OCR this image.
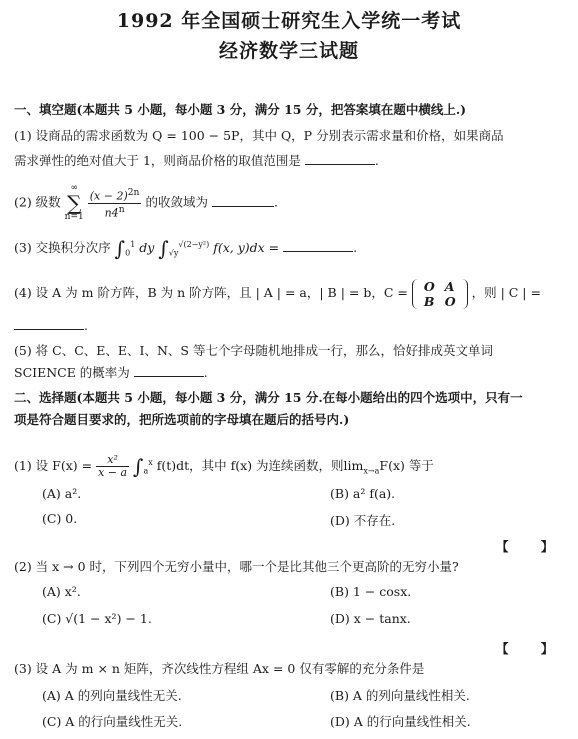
1992 年全国硕士研究生入学统一考试
经济数学三试题
一、填空题(本题共 5 小题，每小题 3 分，满分 15 分，把答案填在题中横线上.)
(1) 设商品的需求函数为 Q = 100 − 5P，其中 Q，P 分别表示需求量和价格，如果商品
需求弹性的绝对值大于 1，则商品价格的取值范围是	.
(2) 级数 ∞
∑
$n=1 \frac{(x - 2)^{2n}}{n4^n}$ 的收敛域为	.
(3) 交换积分次序 $\int_0^1$ dy $\int_{√y}^{√(2-y^2)}$ f(x, y)dx =	.
(4) 设 A 为 m 阶方阵，B 为 n 阶方阵，且 | A | = a，| B | = b，C = O	A
B	O ，则 | C | =
.
(5) 将 C、C、E、E、I、N、S 等七个字母随机地排成一行，那么，恰好排成英文单词
SCIENCE 的概率为	.
二、选择题(本题共 5 小题，每小题 3 分，满分 15 分.在每小题给出的四个选项中，只有一
项是符合题目要求的，把所选项前的字母填在题后的括号内.)
(1) 设 $F(x) = \frac{\text{x²}}{x - a} \int_a^x$ f(t)dt，其中 f(x) 为连续函数，则$\lim_{x\to a}F(x)$ 等于
(A) a².	(B) a² f(a).
(C) 0.	(D) 不存在.
【 】
(2) 当 x → 0 时，下列四个无穷小量中，哪一个是比其他三个更高阶的无穷小量?
(A) x².	(B) 1 − cosx.
(C) √(1 − x²) − 1.	(D) x − tanx.
【 】
(3) 设 A 为 m × n 矩阵，齐次线性方程组 Ax = 0 仅有零解的充分条件是
(A) A 的列向量线性无关.	(B) A 的列向量线性相关.
(C) A 的行向量线性无关.	(D) A 的行向量线性相关.
